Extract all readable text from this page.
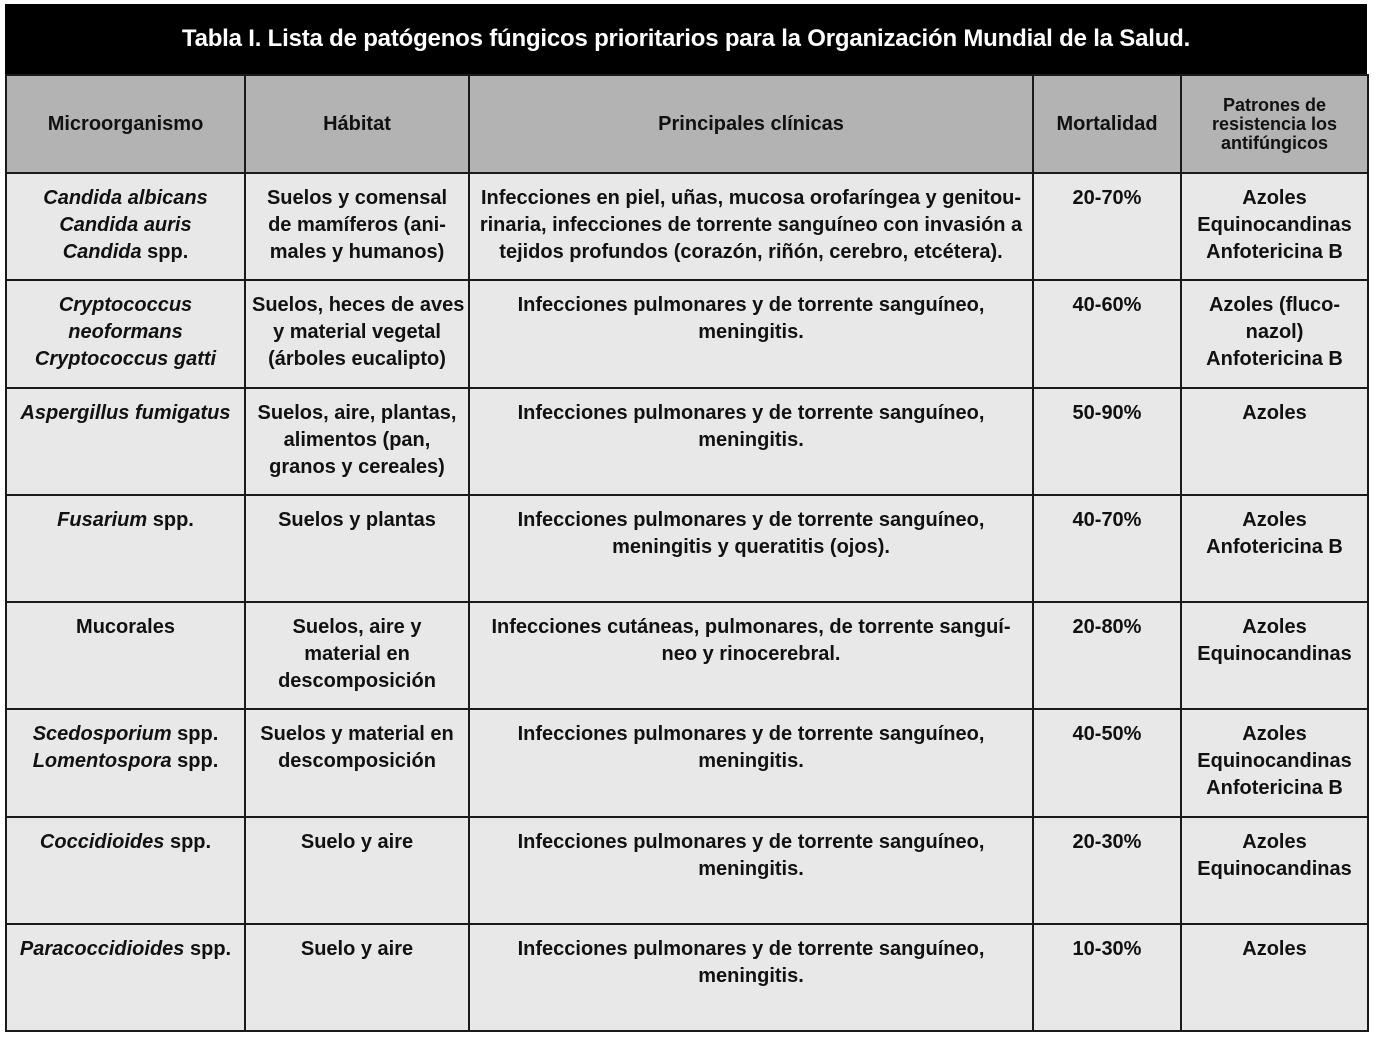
Tabla I. Lista de patógenos fúngicos prioritarios para la Organización Mundial de la Salud.
Microorganismo	Hábitat	Principales clínicas	Mortalidad	Patrones de
resistencia los
antifúngicos

Candida albicans
Candida auris
Candida spp.	Suelos y comensal
de mamíferos (ani-
males y humanos)	Infecciones en piel, uñas, mucosa orofaríngea y genitou-
rinaria, infecciones de torrente sanguíneo con invasión a
tejidos profundos (corazón, riñón, cerebro, etcétera).	20-70%	Azoles
Equinocandinas
Anfotericina B

Cryptococcus
neoformans
Cryptococcus gatti	Suelos, heces de aves
y material vegetal
(árboles eucalipto)	Infecciones pulmonares y de torrente sanguíneo,
meningitis.	40-60%	Azoles (fluco-
nazol)
Anfotericina B

Aspergillus fumigatus	Suelos, aire, plantas,
alimentos (pan,
granos y cereales)	Infecciones pulmonares y de torrente sanguíneo,
meningitis.	50-90%	Azoles

Fusarium spp.	Suelos y plantas	Infecciones pulmonares y de torrente sanguíneo,
meningitis y queratitis (ojos).	40-70%	Azoles
Anfotericina B

Mucorales	Suelos, aire y
material en
descomposición	Infecciones cutáneas, pulmonares, de torrente sanguí-
neo y rinocerebral.	20-80%	Azoles
Equinocandinas

Scedosporium spp.
Lomentospora spp.	Suelos y material en
descomposición	Infecciones pulmonares y de torrente sanguíneo,
meningitis.	40-50%	Azoles
Equinocandinas
Anfotericina B

Coccidioides spp.	Suelo y aire	Infecciones pulmonares y de torrente sanguíneo,
meningitis.	20-30%	Azoles
Equinocandinas

Paracoccidioides spp.	Suelo y aire	Infecciones pulmonares y de torrente sanguíneo,
meningitis.	10-30%	Azoles
